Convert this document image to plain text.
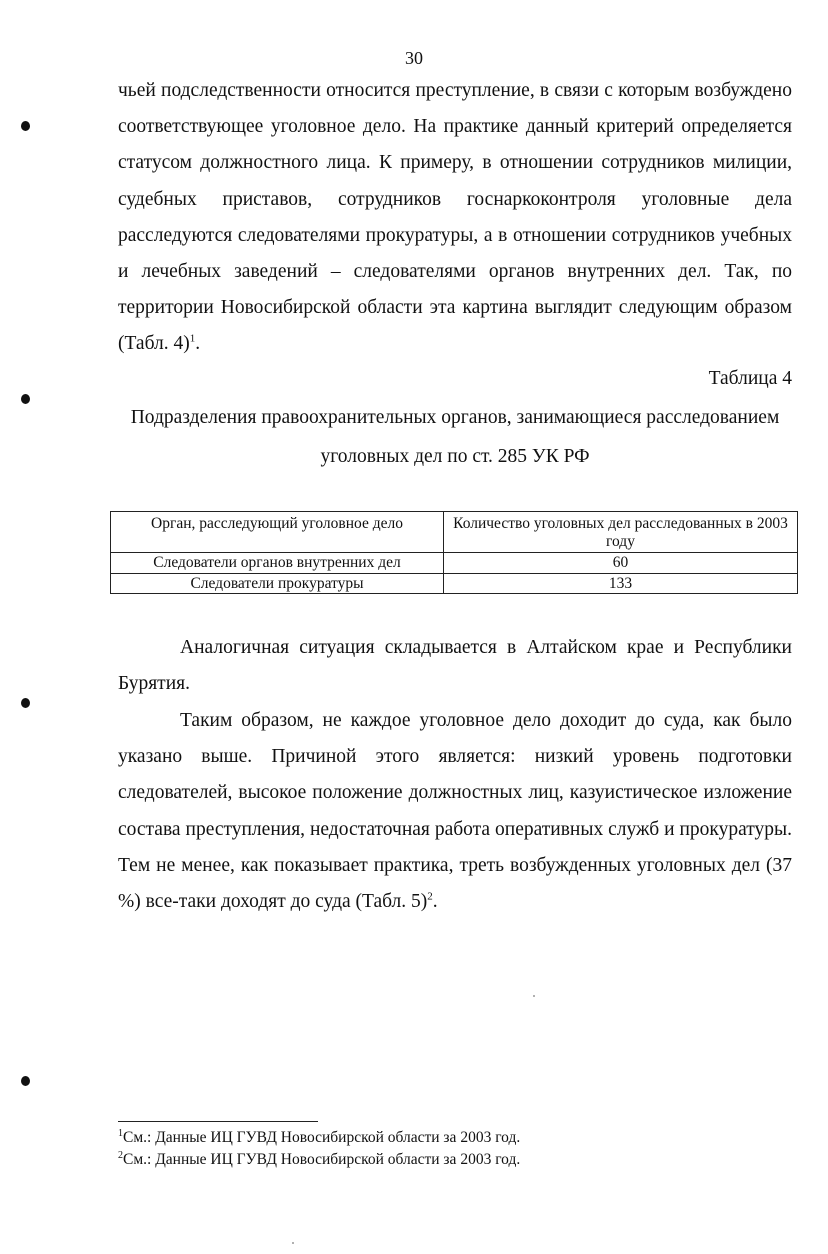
30

чьей подследственности относится преступление, в связи с которым возбуждено соответствующее уголовное дело. На практике данный критерий определяется статусом должностного лица. К примеру, в отношении сотрудников милиции, судебных приставов, сотрудников госнаркоконтроля уголовные дела расследуются следователями прокуратуры, а в отношении сотрудников учебных и лечебных заведений – следователями органов внутренних дел. Так, по территории Новосибирской области эта картина выглядит следующим образом (Табл. 4)$^1$.

Таблица 4

Подразделения правоохранительных органов, занимающиеся расследованием уголовных дел по ст. 285 УК РФ

Орган, расследующий уголовное дело	Количество уголовных дел расследованных в 2003 году
Следователи органов внутренних дел	60
Следователи прокуратуры	133

Аналогичная ситуация складывается в Алтайском крае и Республики Бурятия.

Таким образом, не каждое уголовное дело доходит до суда, как было указано выше. Причиной этого является: низкий уровень подготовки следователей, высокое положение должностных лиц, казуистическое изложение состава преступления, недостаточная работа оперативных служб и прокуратуры. Тем не менее, как показывает практика, треть возбужденных уголовных дел (37 %) все-таки доходят до суда (Табл. 5)$^2$.

$^1$См.: Данные ИЦ ГУВД Новосибирской области за 2003 год.
$^2$См.: Данные ИЦ ГУВД Новосибирской области за 2003 год.
